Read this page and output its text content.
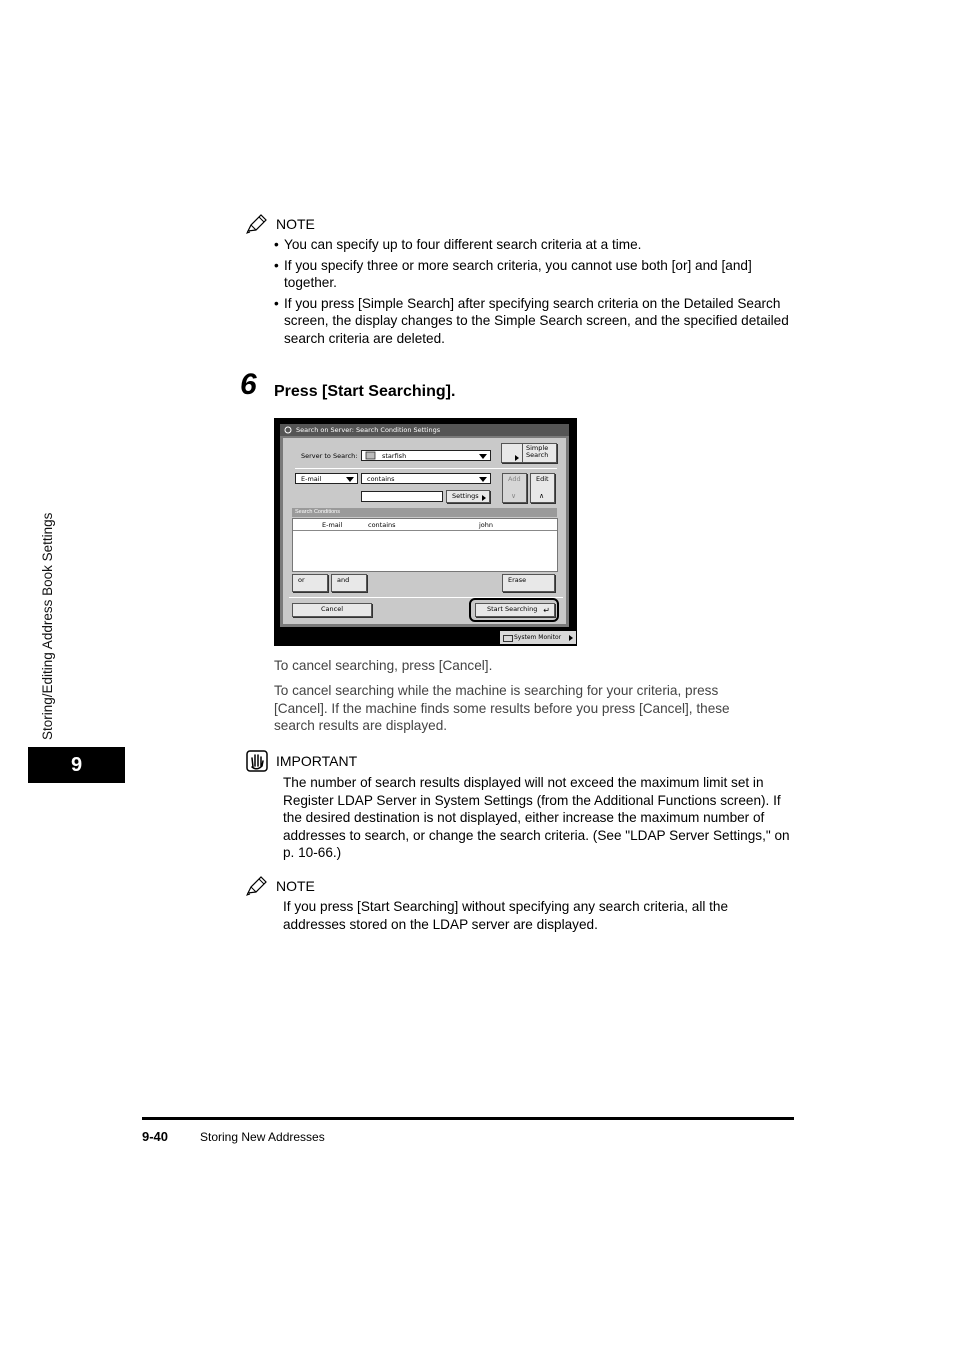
Storing/Editing Address Book Settings
9
NOTE
• You can specify up to four different search criteria at a time.
• If you specify three or more search criteria, you cannot use both [or] and [and] together.
• If you press [Simple Search] after specifying search criteria on the Detailed Search screen, the display changes to the Simple Search screen, and the specified detailed search criteria are deleted.
6 Press [Start Searching].
Search on Server: Search Condition Settings
Server to Search:	starfish
Simple Search
E-mail	contains
Settings
Add
∨
Edit
∧
Search Conditions
E-mail	contains	john
or	and	Erase
Cancel	Start Searching ↵
System Monitor
To cancel searching, press [Cancel].
To cancel searching while the machine is searching for your criteria, press [Cancel]. If the machine finds some results before you press [Cancel], these search results are displayed.
IMPORTANT
The number of search results displayed will not exceed the maximum limit set in Register LDAP Server in System Settings (from the Additional Functions screen). If the desired destination is not displayed, either increase the maximum number of addresses to search, or change the search criteria. (See "LDAP Server Settings," on p. 10-66.)
NOTE
If you press [Start Searching] without specifying any search criteria, all the addresses stored on the LDAP server are displayed.
9-40	Storing New Addresses
